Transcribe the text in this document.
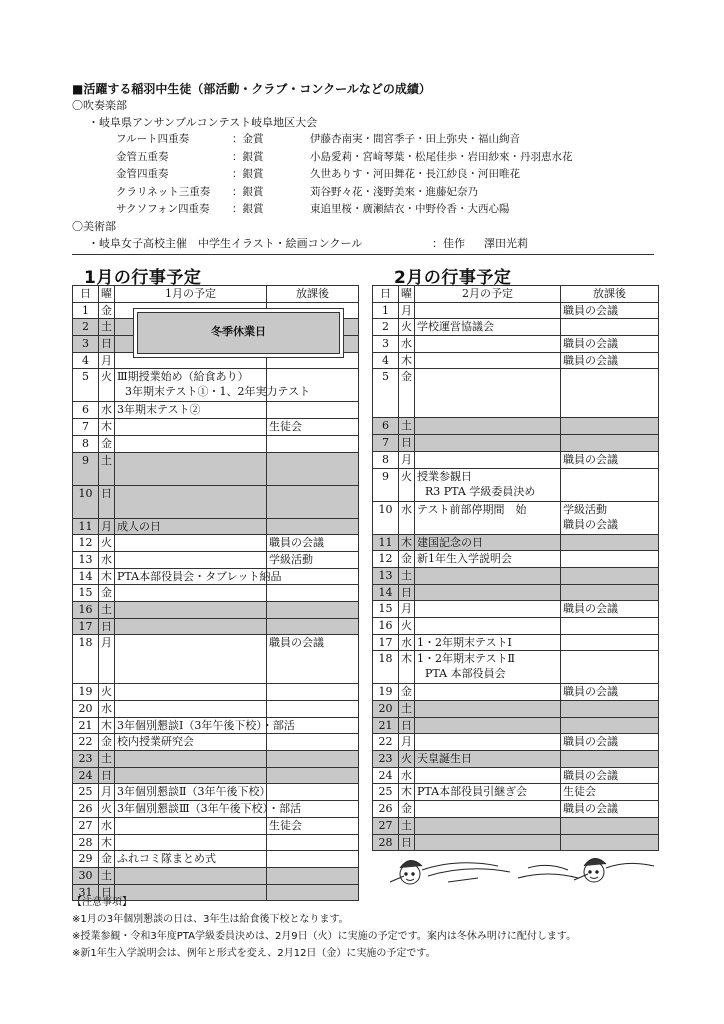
■活躍する稲羽中生徒（部活動・クラブ・コンクールなどの成績）
〇吹奏楽部
・岐阜県アンサンブルコンテスト岐阜地区大会
フルート四重奏	：金賞	伊藤杏南実・間宮季子・田上弥央・福山絢音
金管五重奏	：銀賞	小島愛莉・宮﨑琴葉・松尾佳歩・岩田紗來・丹羽恵水花
金管四重奏	：銀賞	久世ありす・河田舞花・長江紗良・河田唯花
クラリネット三重奏 ：銀賞	苅谷野々花・淺野美來・進藤妃奈乃
サクソフォン四重奏 ：銀賞	東追里桜・廣瀬結衣・中野伶香・大西心陽
〇美術部
・岐阜女子高校主催　中学生イラスト・絵画コンクール	：佳作 澤田光莉
1月の行事予定	2月の行事予定
日	曜	1月の予定	放課後

1	金		

2	土		

3	日		

4	月		

5	火	Ⅲ期授業始め（給食あり）
3年期末テスト①・1、2年実力テスト	

6	水	3年期末テスト②	

7	木		生徒会

8	金		

9	土		

10	日		

11	月	成人の日	

12	火		職員の会議

13	水		学級活動

14	木	PTA本部役員会・タブレット納品	

15	金		

16	土		

17	日		

18	月		職員の会議

19	火		

20	水		

21	木	3年個別懇談Ⅰ（3年午後下校）・部活	

22	金	校内授業研究会	

23	土		

24	日		

25	月	3年個別懇談Ⅱ（3年午後下校）	

26	火	3年個別懇談Ⅲ（3年午後下校）・部活	

27	水		生徒会

28	木		

29	金	ふれコミ隊まとめ式	

30	土		

31	日		

冬季休業日
日	曜	2月の予定	放課後

1	月		職員の会議

2	火	学校運営協議会	

3	水		職員の会議

4	木		職員の会議

5	金		

6	土		

7	日		

8	月		職員の会議

9	火	授業参観日
R3 PTA 学級委員決め	

10	水	テスト前部停期間　始	学級活動
職員の会議

11	木	建国記念の日	

12	金	新1年生入学説明会	

13	土		

14	日		

15	月		職員の会議

16	火		

17	水	1・2年期末テストⅠ	

18	木	1・2年期末テストⅡ
PTA 本部役員会	

19	金		職員の会議

20	土		

21	日		

22	月		職員の会議

23	火	天皇誕生日	

24	水		職員の会議

25	木	PTA本部役員引継ぎ会	生徒会

26	金		職員の会議

27	土		

28	日		

【注意事項】
※1月の3年個別懇談の日は、3年生は給食後下校となります。
※授業参観・令和3年度PTA学級委員決めは、2月9日（火）に実施の予定です。案内は冬休み明けに配付します。
※新1年生入学説明会は、例年と形式を変え、2月12日（金）に実施の予定です。
